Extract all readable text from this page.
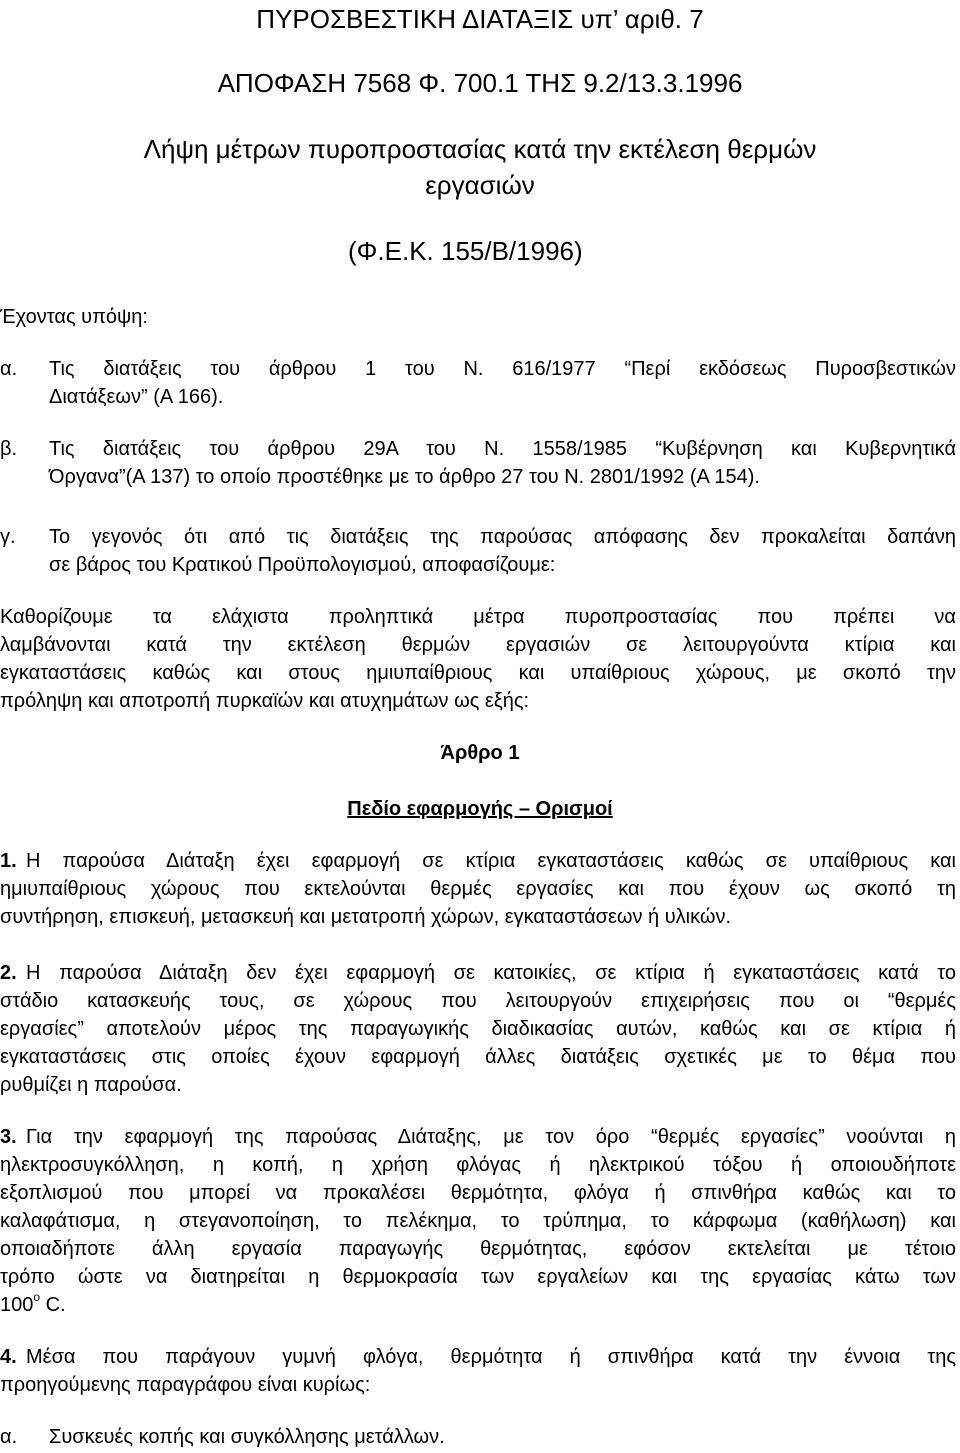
ΠΥΡΟΣΒΕΣΤΙΚΗ ΔΙΑΤΑΞΙΣ υπ’ αριθ. 7
ΑΠΟΦΑΣΗ 7568 Φ. 700.1 ΤΗΣ 9.2/13.3.1996
Λήψη μέτρων πυροπροστασίας κατά την εκτέλεση θερμών
εργασιών
(Φ.Ε.Κ. 155/Β/1996)
Έχοντας υπόψη:
α. Τις διατάξεις του άρθρου 1 του Ν. 616/1977 “Περί εκδόσεως Πυροσβεστικών
Διατάξεων” (Α 166).
β. Τις διατάξεις του άρθρου 29Α του Ν. 1558/1985 “Κυβέρνηση και Κυβερνητικά
Όργανα”(Α 137) το οποίο προστέθηκε με το άρθρο 27 του Ν. 2801/1992 (Α 154).
γ. Το γεγονός ότι από τις διατάξεις της παρούσας απόφασης δεν προκαλείται δαπάνη
σε βάρος του Κρατικού Προϋπολογισμού, αποφασίζουμε:
Καθορίζουμε τα ελάχιστα προληπτικά μέτρα πυροπροστασίας που πρέπει να
λαμβάνονται κατά την εκτέλεση θερμών εργασιών σε λειτουργούντα κτίρια και
εγκαταστάσεις καθώς και στους ημιυπαίθριους και υπαίθριους χώρους, με σκοπό την
πρόληψη και αποτροπή πυρκαϊών και ατυχημάτων ως εξής:
Άρθρο 1
Πεδίο εφαρμογής – Ορισμοί
1. Η παρούσα Διάταξη έχει εφαρμογή σε κτίρια εγκαταστάσεις καθώς σε υπαίθριους και
ημιυπαίθριους χώρους που εκτελούνται θερμές εργασίες και που έχουν ως σκοπό τη
συντήρηση, επισκευή, μετασκευή και μετατροπή χώρων, εγκαταστάσεων ή υλικών.
2. Η παρούσα Διάταξη δεν έχει εφαρμογή σε κατοικίες, σε κτίρια ή εγκαταστάσεις κατά το
στάδιο κατασκευής τους, σε χώρους που λειτουργούν επιχειρήσεις που οι “θερμές
εργασίες” αποτελούν μέρος της παραγωγικής διαδικασίας αυτών, καθώς και σε κτίρια ή
εγκαταστάσεις στις οποίες έχουν εφαρμογή άλλες διατάξεις σχετικές με το θέμα που
ρυθμίζει η παρούσα.
3. Για την εφαρμογή της παρούσας Διάταξης, με τον όρο “θερμές εργασίες” νοούνται η
ηλεκτροσυγκόλληση, η κοπή, η χρήση φλόγας ή ηλεκτρικού τόξου ή οποιουδήποτε
εξοπλισμού που μπορεί να προκαλέσει θερμότητα, φλόγα ή σπινθήρα καθώς και το
καλαφάτισμα, η στεγανοποίηση, το πελέκημα, το τρύπημα, το κάρφωμα (καθήλωση) και
οποιαδήποτε άλλη εργασία παραγωγής θερμότητας, εφόσον εκτελείται με τέτοιο
τρόπο ώστε να διατηρείται η θερμοκρασία των εργαλείων και της εργασίας κάτω των
100$^o$ C.
4. Μέσα που παράγουν γυμνή φλόγα, θερμότητα ή σπινθήρα κατά την έννοια της
προηγούμενης παραγράφου είναι κυρίως:
α. Συσκευές κοπής και συγκόλλησης μετάλλων.
